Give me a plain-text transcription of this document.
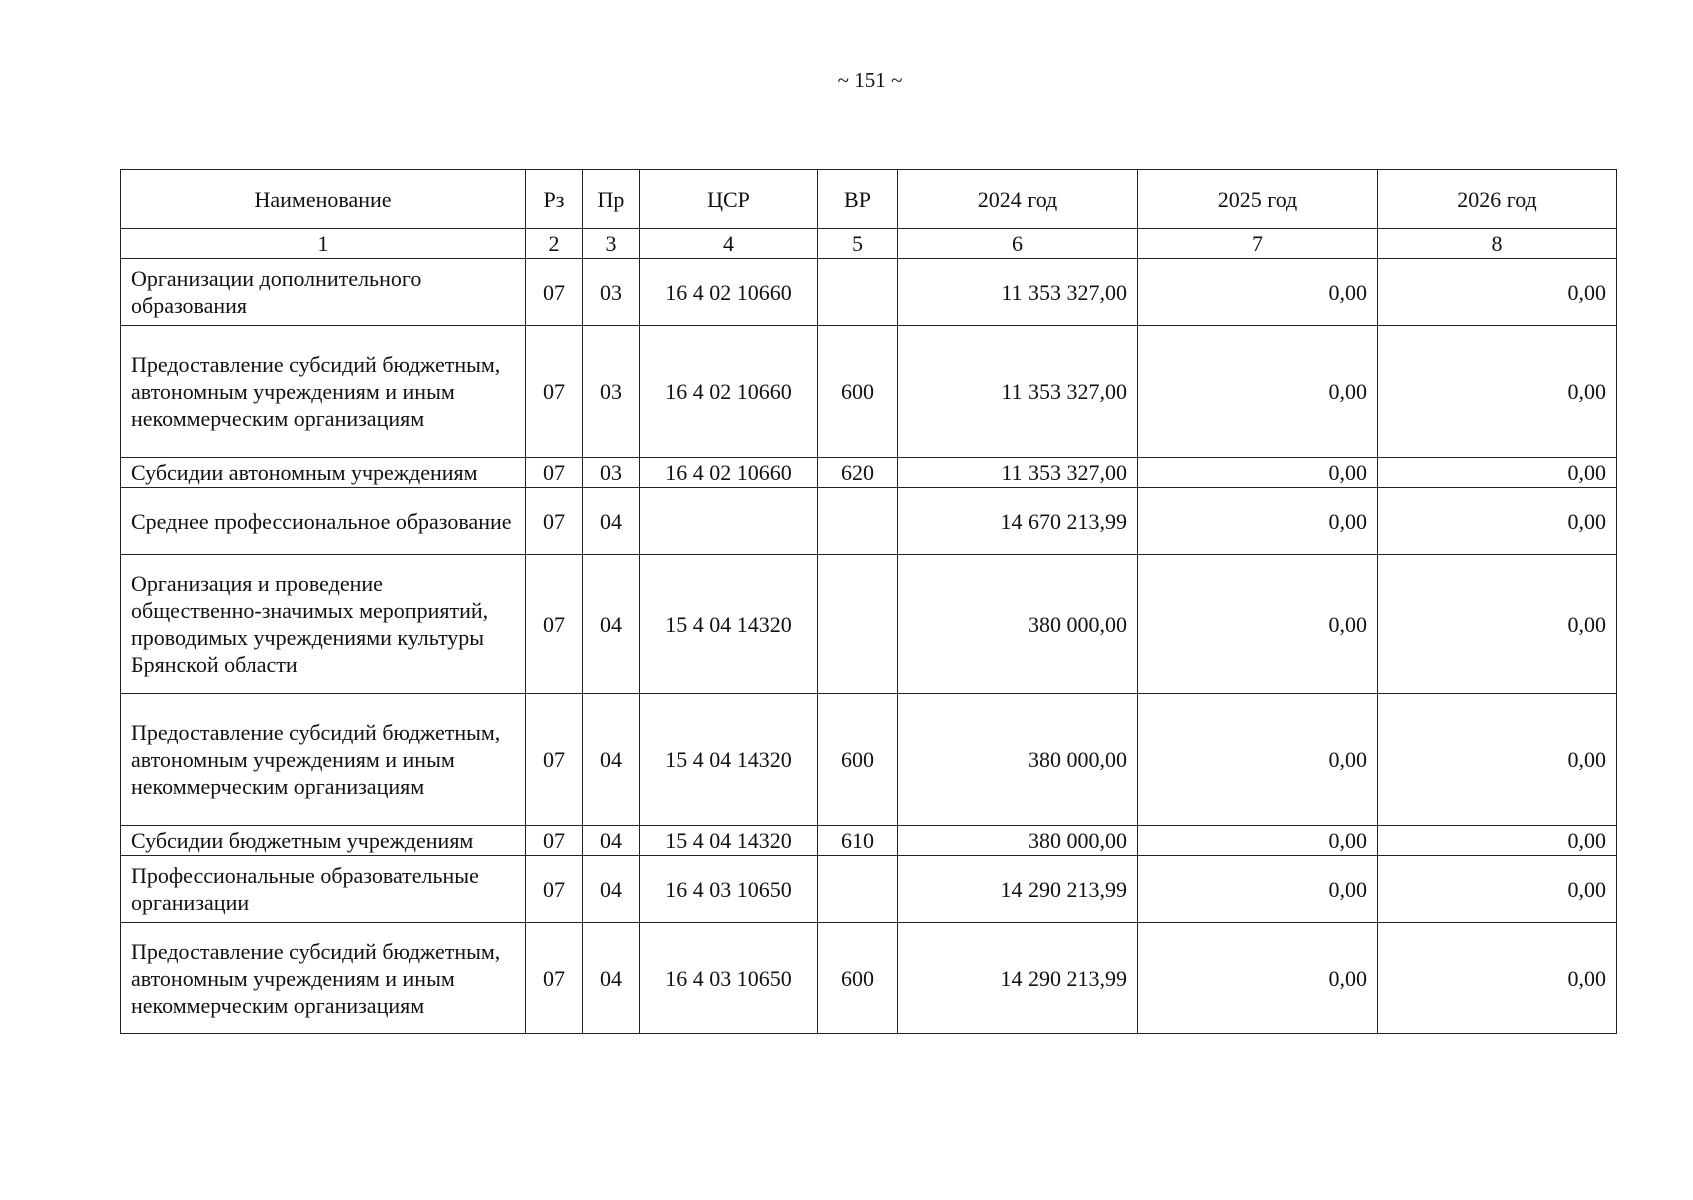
~ 151 ~
Наименование	Рз	Пр	ЦСР	ВР	2024 год	2025 год	2026 год
1	2	3	4	5	6	7	8
Организации дополнительного образования	07	03	16 4 02 10660		11 353 327,00	0,00	0,00
Предоставление субсидий бюджетным, автономным учреждениям и иным некоммерческим организациям	07	03	16 4 02 10660	600	11 353 327,00	0,00	0,00
Субсидии автономным учреждениям	07	03	16 4 02 10660	620	11 353 327,00	0,00	0,00
Среднее профессиональное образование	07	04			14 670 213,99	0,00	0,00
Организация и проведение общественно-значимых мероприятий, проводимых учреждениями культуры Брянской области	07	04	15 4 04 14320		380 000,00	0,00	0,00
Предоставление субсидий бюджетным, автономным учреждениям и иным некоммерческим организациям	07	04	15 4 04 14320	600	380 000,00	0,00	0,00
Субсидии бюджетным учреждениям	07	04	15 4 04 14320	610	380 000,00	0,00	0,00
Профессиональные образовательные организации	07	04	16 4 03 10650		14 290 213,99	0,00	0,00
Предоставление субсидий бюджетным, автономным учреждениям и иным некоммерческим организациям	07	04	16 4 03 10650	600	14 290 213,99	0,00	0,00
